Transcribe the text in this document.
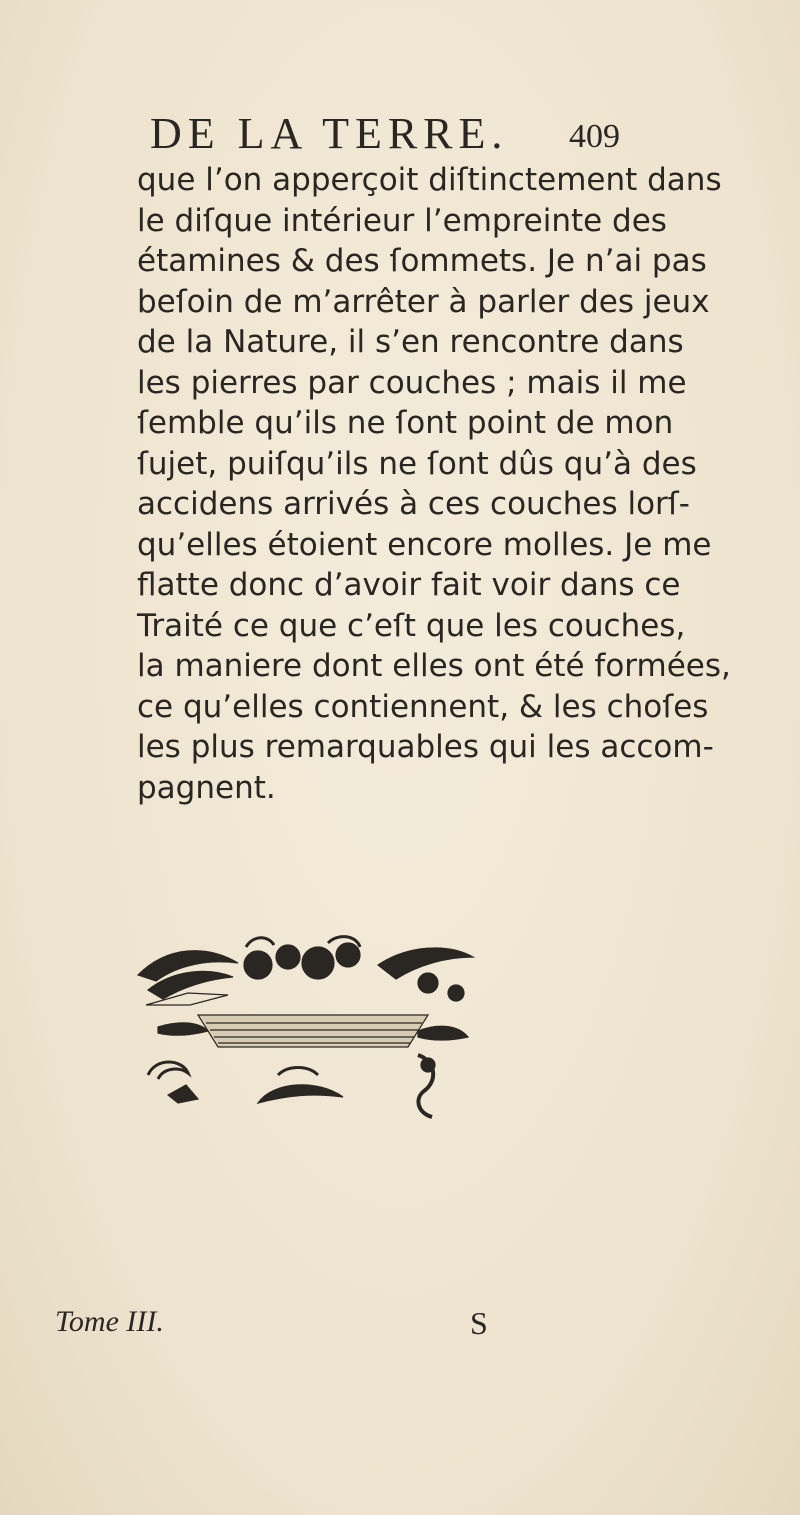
DE LA TERRE. 409
que l’on apperçoit diſtinctement dans
le diſque intérieur l’empreinte des
étamines & des ſommets. Je n’ai pas
beſoin de m’arrêter à parler des jeux
de la Nature, il s’en rencontre dans
les pierres par couches ; mais il me
ſemble qu’ils ne ſont point de mon
ſujet, puiſqu’ils ne ſont dûs qu’à des
accidens arrivés à ces couches lorſ-
qu’elles étoient encore molles. Je me
flatte donc d’avoir fait voir dans ce
Traité ce que c’eſt que les couches,
la maniere dont elles ont été formées,
ce qu’elles contiennent, & les choſes
les plus remarquables qui les accom-
pagnent.
Tome III.	S
